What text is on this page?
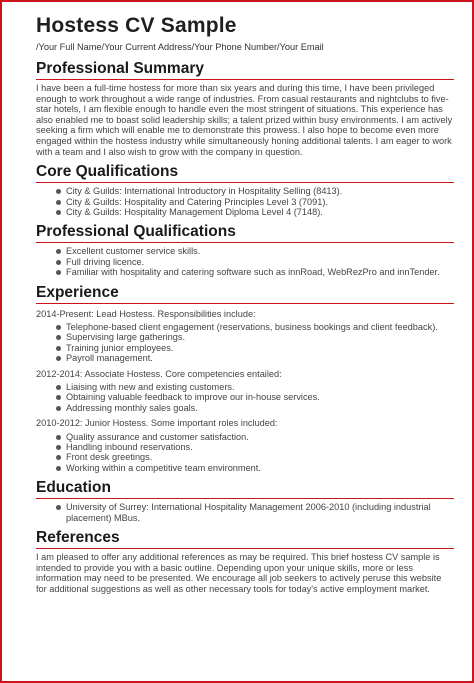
Hostess CV Sample
/Your Full Name/Your Current Address/Your Phone Number/Your Email
Professional Summary

I have been a full-time hostess for more than six years and during this time, I have been privileged enough to work throughout a wide range of industries. From casual restaurants and nightclubs to five-star hotels, I am flexible enough to handle even the most stringent of situations. This experience has also enabled me to boast solid leadership skills; a talent prized within busy environments. I am actively seeking a firm which will enable me to demonstrate this prowess. I also hope to become even more engaged within the hostess industry while simultaneously honing additional talents. I am eager to work with a team and I also wish to grow with the company in question.

Core Qualifications
City & Guilds: International Introductory in Hospitality Selling (8413).
City & Guilds: Hospitality and Catering Principles Level 3 (7091).
City & Guilds: Hospitality Management Diploma Level 4 (7148).
Professional Qualifications
Excellent customer service skills.
Full driving licence.
Familiar with hospitality and catering software such as innRoad, WebRezPro and innTender.
Experience
2014-Present: Lead Hostess. Responsibilities include:
Telephone-based client engagement (reservations, business bookings and client feedback).
Supervising large gatherings.
Training junior employees.
Payroll management.
2012-2014: Associate Hostess. Core competencies entailed:
Liaising with new and existing customers.
Obtaining valuable feedback to improve our in-house services.
Addressing monthly sales goals.
2010-2012: Junior Hostess. Some important roles included:
Quality assurance and customer satisfaction.
Handling inbound reservations.
Front desk greetings.
Working within a competitive team environment.
Education
University of Surrey: International Hospitality Management 2006-2010 (including industrial placement) MBus.
References

I am pleased to offer any additional references as may be required. This brief hostess CV sample is intended to provide you with a basic outline. Depending upon your unique skills, more or less information may need to be presented. We encourage all job seekers to actively peruse this website for additional suggestions as well as other necessary tools for today's active employment market.
